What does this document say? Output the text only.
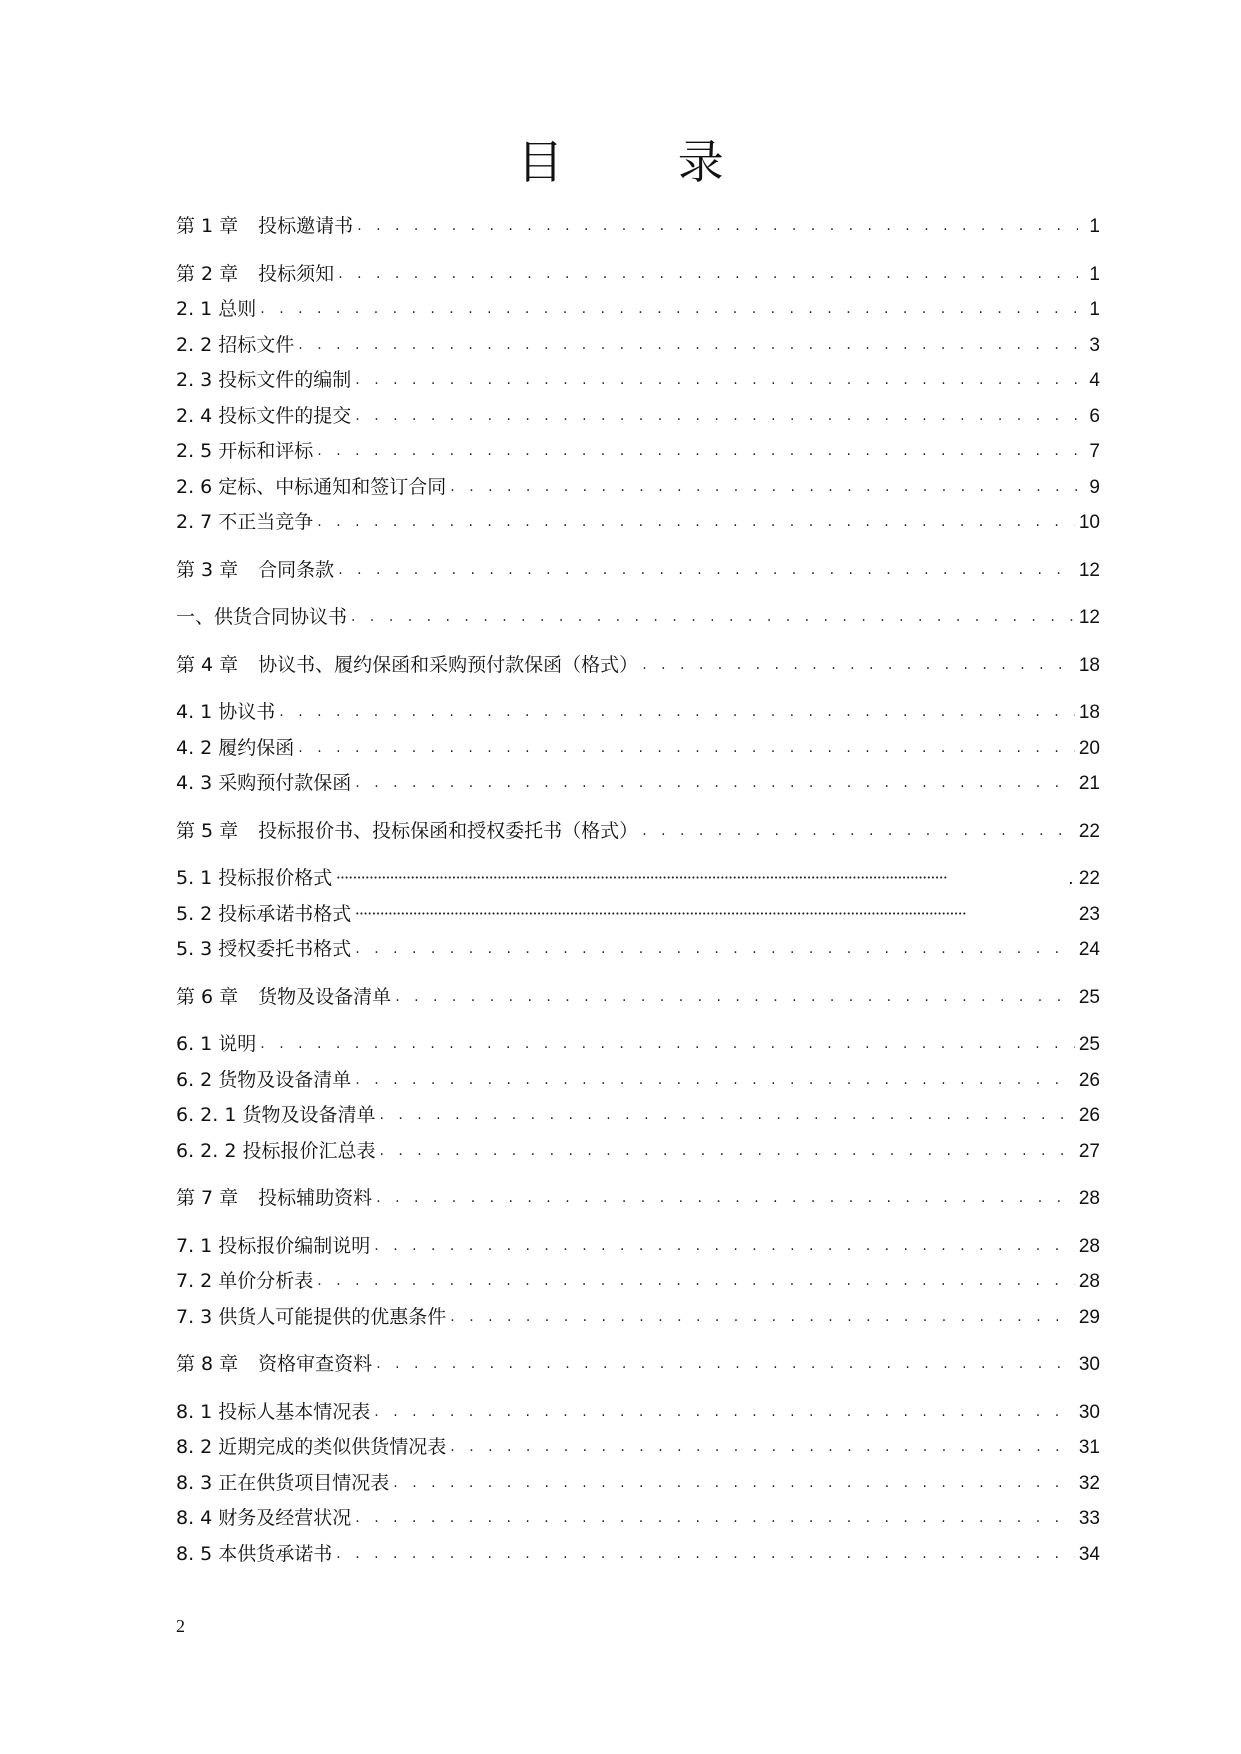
目 录
第 1 章 投标邀请书 . . .	1
第 2 章 投标须知 . . .	1
2. 1 总则 . . .	1
2. 2 招标文件 . . .	3
2. 3 投标文件的编制 . . .	4
2. 4 投标文件的提交 . . .	6
2. 5 开标和评标 . . .	7
2. 6 定标、中标通知和签订合同 . . .	9
2. 7 不正当竞争 . . .	10
第 3 章 合同条款 . . .	12
一、供货合同协议书 . . .	12
第 4 章 协议书、履约保函和采购预付款保函（格式） . . .	18
4. 1 协议书 . . .	18
4. 2 履约保函 . . .	20
4. 3 采购预付款保函 . . .	21
第 5 章 投标报价书、投标保函和授权委托书（格式） . . .	22
5. 1 投标报价格式 •••••	. 22
5. 2 投标承诺书格式 •••••	23
5. 3 授权委托书格式 . . .	24
第 6 章 货物及设备清单 . . .	25
6. 1 说明 . . .	25
6. 2 货物及设备清单 . . .	26
6. 2. 1 货物及设备清单 . . .	26
6. 2. 2 投标报价汇总表 . . .	27
第 7 章 投标辅助资料 . . .	28
7. 1 投标报价编制说明 . . .	28
7. 2 单价分析表 . . .	28
7. 3 供货人可能提供的优惠条件 . . .	29
第 8 章 资格审查资料 . . .	30
8. 1 投标人基本情况表 . . .	30
8. 2 近期完成的类似供货情况表 . . .	31
8. 3 正在供货项目情况表 . . .	32
8. 4 财务及经营状况 . . .	33
8. 5 本供货承诺书 . . .	34
2
